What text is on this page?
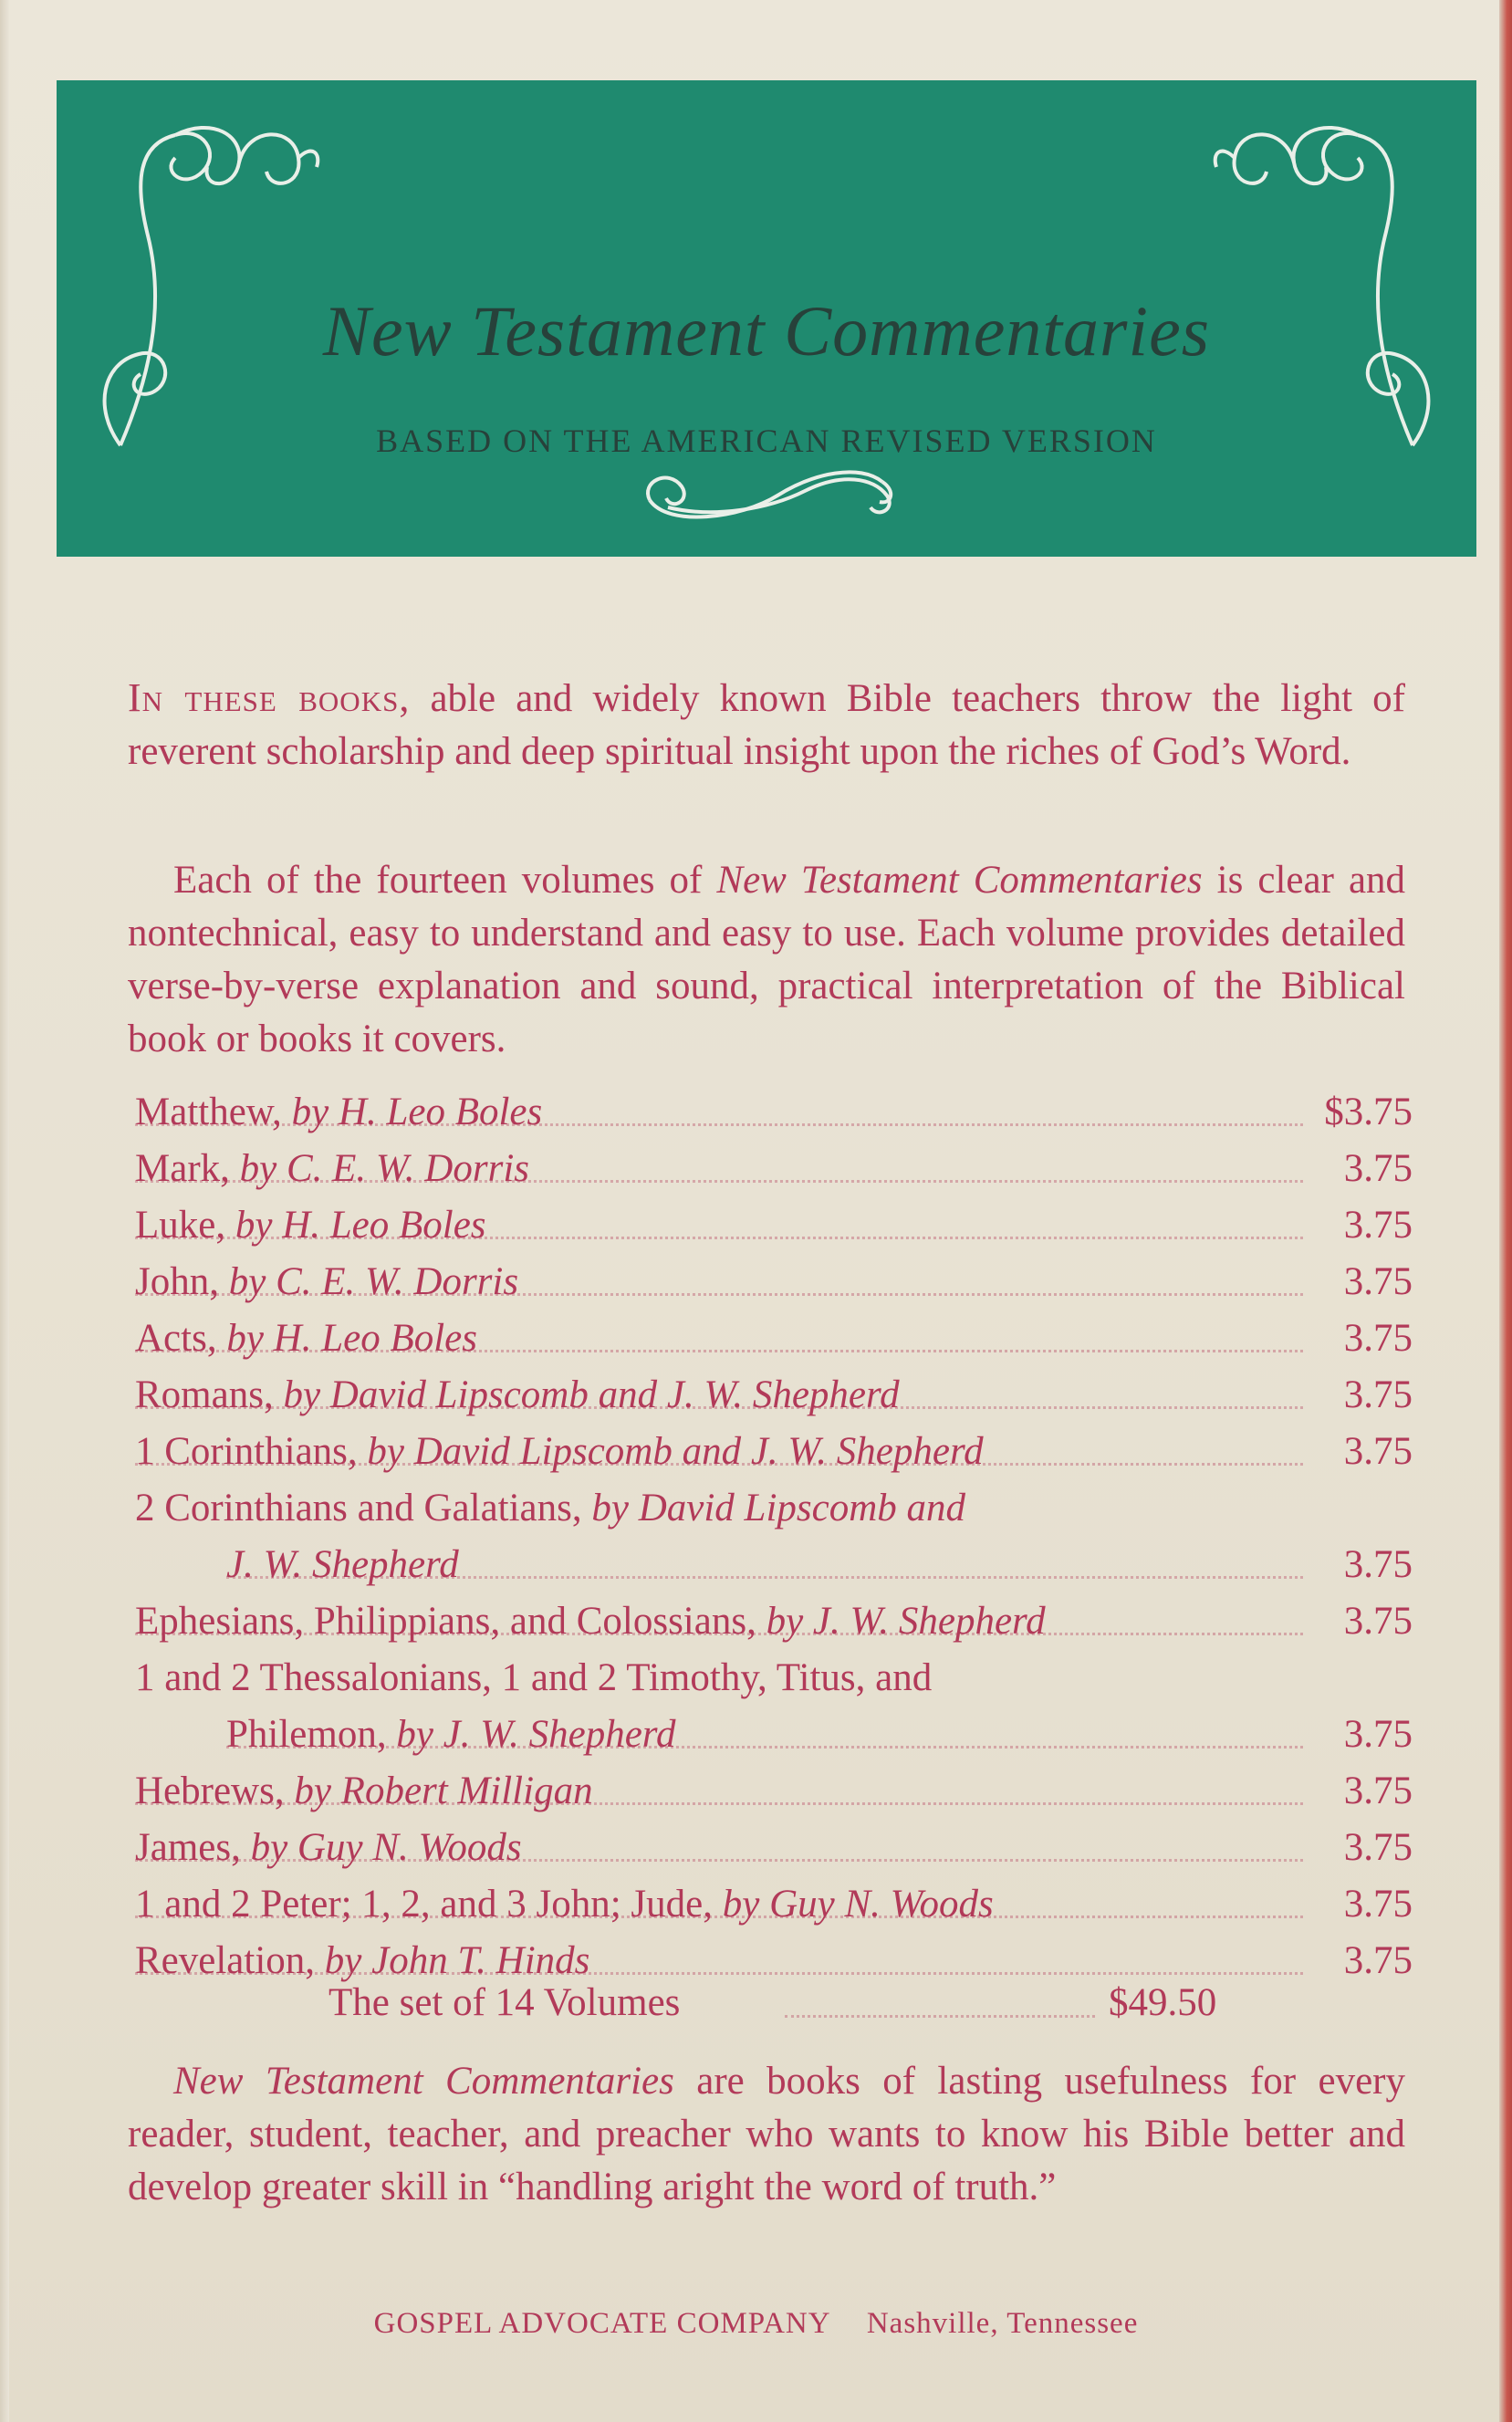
New Testament Commentaries
BASED ON THE AMERICAN REVISED VERSION
In these books, able and widely known Bible teachers throw the light of reverent scholarship and deep spiritual insight upon the riches of God’s Word.
Each of the fourteen volumes of New Testament Commentaries is clear and nontechnical, easy to understand and easy to use. Each volume provides detailed verse-by-verse explanation and sound, practical interpretation of the Biblical book or books it covers.
Matthew, by H. Leo Boles	$3.75
Mark, by C. E. W. Dorris	3.75
Luke, by H. Leo Boles	3.75
John, by C. E. W. Dorris	3.75
Acts, by H. Leo Boles	3.75
Romans, by David Lipscomb and J. W. Shepherd	3.75
1 Corinthians, by David Lipscomb and J. W. Shepherd	3.75
2 Corinthians and Galatians, by David Lipscomb and
J. W. Shepherd	3.75
Ephesians, Philippians, and Colossians, by J. W. Shepherd	3.75
1 and 2 Thessalonians, 1 and 2 Timothy, Titus, and
Philemon, by J. W. Shepherd	3.75
Hebrews, by Robert Milligan	3.75
James, by Guy N. Woods	3.75
1 and 2 Peter; 1, 2, and 3 John; Jude, by Guy N. Woods	3.75
Revelation, by John T. Hinds	3.75
The set of 14 Volumes	$49.50
New Testament Commentaries are books of lasting usefulness for every reader, student, teacher, and preacher who wants to know his Bible better and develop greater skill in “handling aright the word of truth.”
GOSPEL ADVOCATE COMPANY Nashville, Tennessee
